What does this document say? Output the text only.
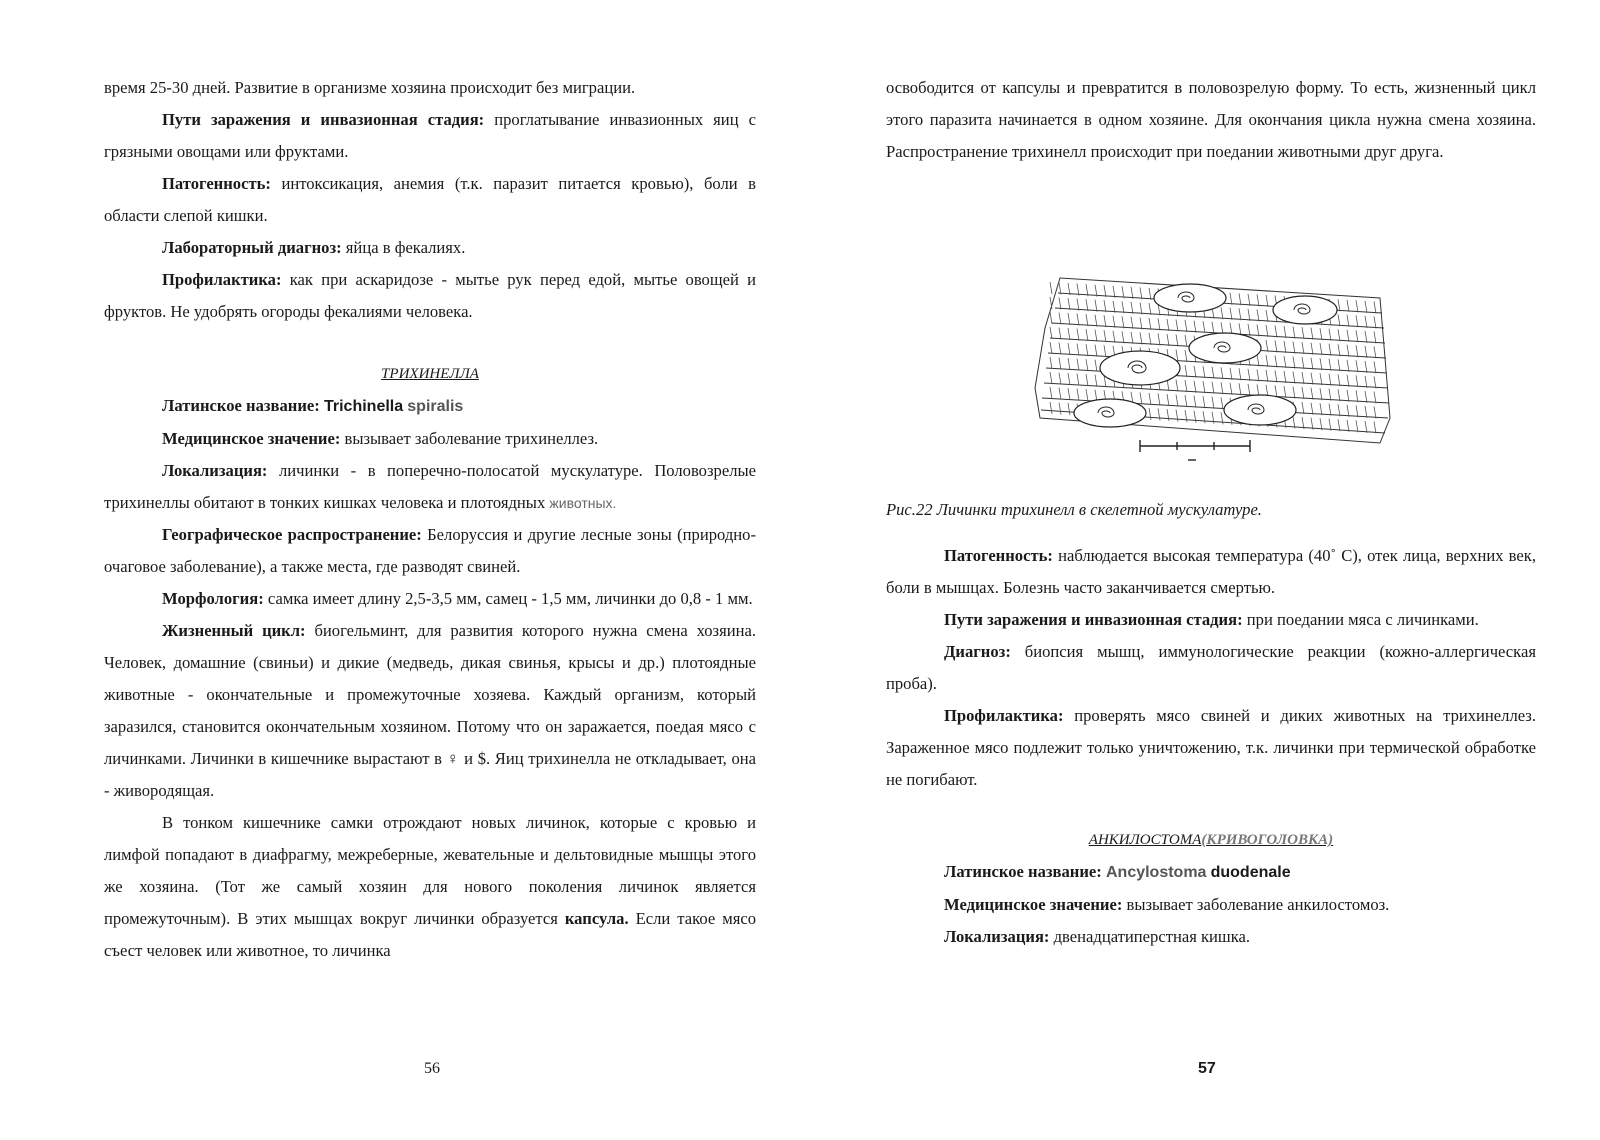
время 25-30 дней. Развитие в организме хозяина происходит без миграции.

Пути заражения и инвазионная стадия: проглатывание инвазионных яиц с грязными овощами или фруктами.

Патогенность: интоксикация, анемия (т.к. паразит питается кровью), боли в области слепой кишки.

Лабораторный диагноз: яйца в фекалиях.

Профилактика: как при аскаридозе - мытье рук перед едой, мытье овощей и фруктов. Не удобрять огороды фекалиями человека.

ТРИХИНЕЛЛА

Латинское название: Trichinella spiralis

Медицинское значение: вызывает заболевание трихинеллез.

Локализация: личинки - в поперечно-полосатой мускулатуре. Половозрелые трихинеллы обитают в тонких кишках человека и плотоядных животных.

Географическое распространение: Белоруссия и другие лесные зоны (природно-очаговое заболевание), а также места, где разводят свиней.

Морфология: самка имеет длину 2,5-3,5 мм, самец - 1,5 мм, личинки до 0,8 - 1 мм.

Жизненный цикл: биогельминт, для развития которого нужна смена хозяина. Человек, домашние (свиньи) и дикие (медведь, дикая свинья, крысы и др.) плотоядные животные - окончательные и промежуточные хозяева. Каждый организм, который заразился, становится окончательным хозяином. Потому что он заражается, поедая мясо с личинками. Личинки в кишечнике вырастают в ♀ и $. Яиц трихинелла не откладывает, она - живородящая.

В тонком кишечнике самки отрождают новых личинок, которые с кровью и лимфой попадают в диафрагму, межреберные, жевательные и дельтовидные мышцы этого же хозяина. (Тот же самый хозяин для нового поколения личинок является промежуточным). В этих мышцах вокруг личинки образуется капсула. Если такое мясо съест человек или животное, то личинка

56

освободится от капсулы и превратится в половозрелую форму. То есть, жизненный цикл этого паразита начинается в одном хозяине. Для окончания цикла нужна смена хозяина. Распространение трихинелл происходит при поедании животными друг друга.

Патогенность: наблюдается высокая температура (40˚ С), отек лица, верхних век, боли в мышцах. Болезнь часто заканчивается смертью.

Пути заражения и инвазионная стадия: при поедании мяса с личинками.

Диагноз: биопсия мышц, иммунологические реакции (кожно-аллергическая проба).

Профилактика: проверять мясо свиней и диких животных на трихинеллез. Зараженное мясо подлежит только уничтожению, т.к. личинки при термической обработке не погибают.

АНКИЛОСТОМА(КРИВОГОЛОВКА)

Латинское название: Ancylostoma duodenale

Медицинское значение: вызывает заболевание анкилостомоз.

Локализация: двенадцатиперстная кишка.

57
Рис.22 Личинки трихинелл в скелетной мускулатуре.
